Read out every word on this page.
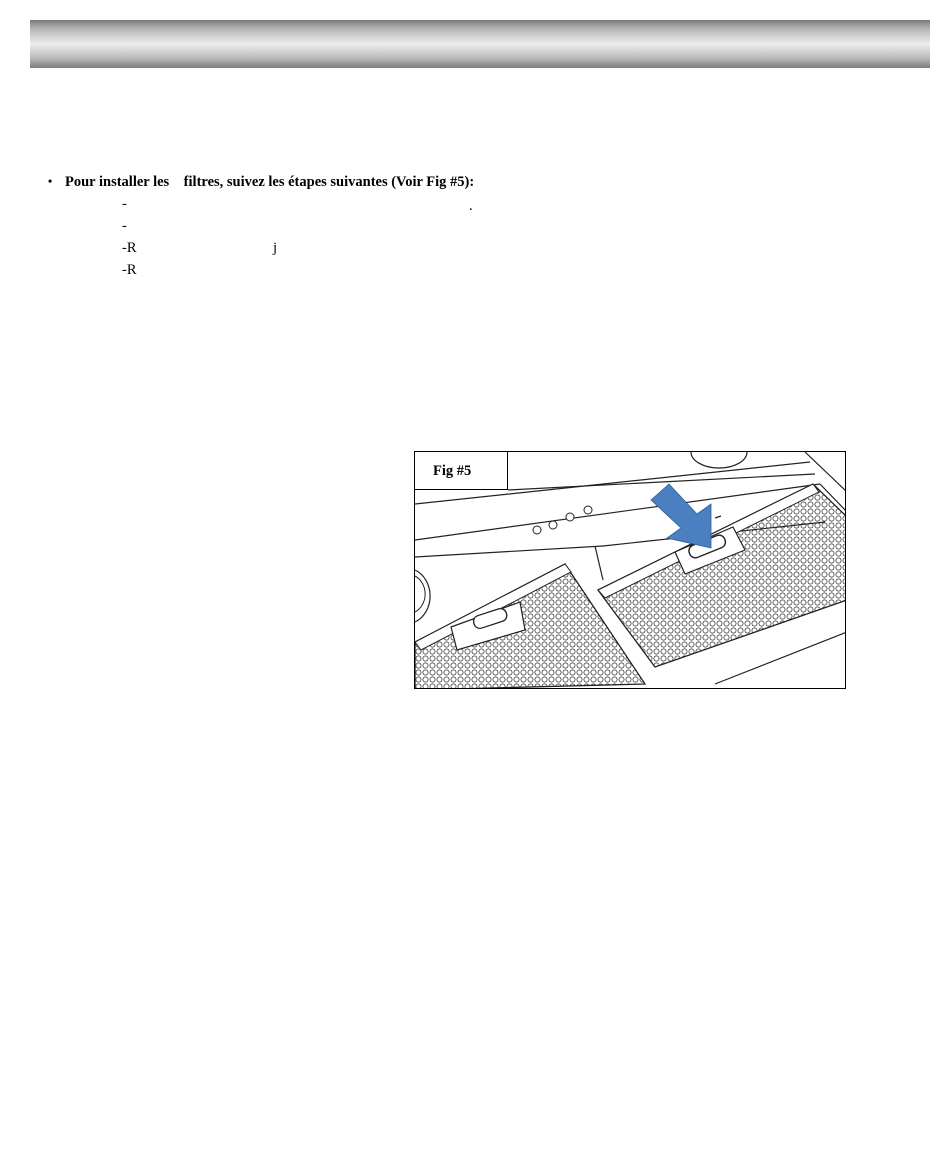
• Pour installer les    filtres, suivez les étapes suivantes (Voir Fig #5):
-	.
-
-R	j
-R
Fig #5
